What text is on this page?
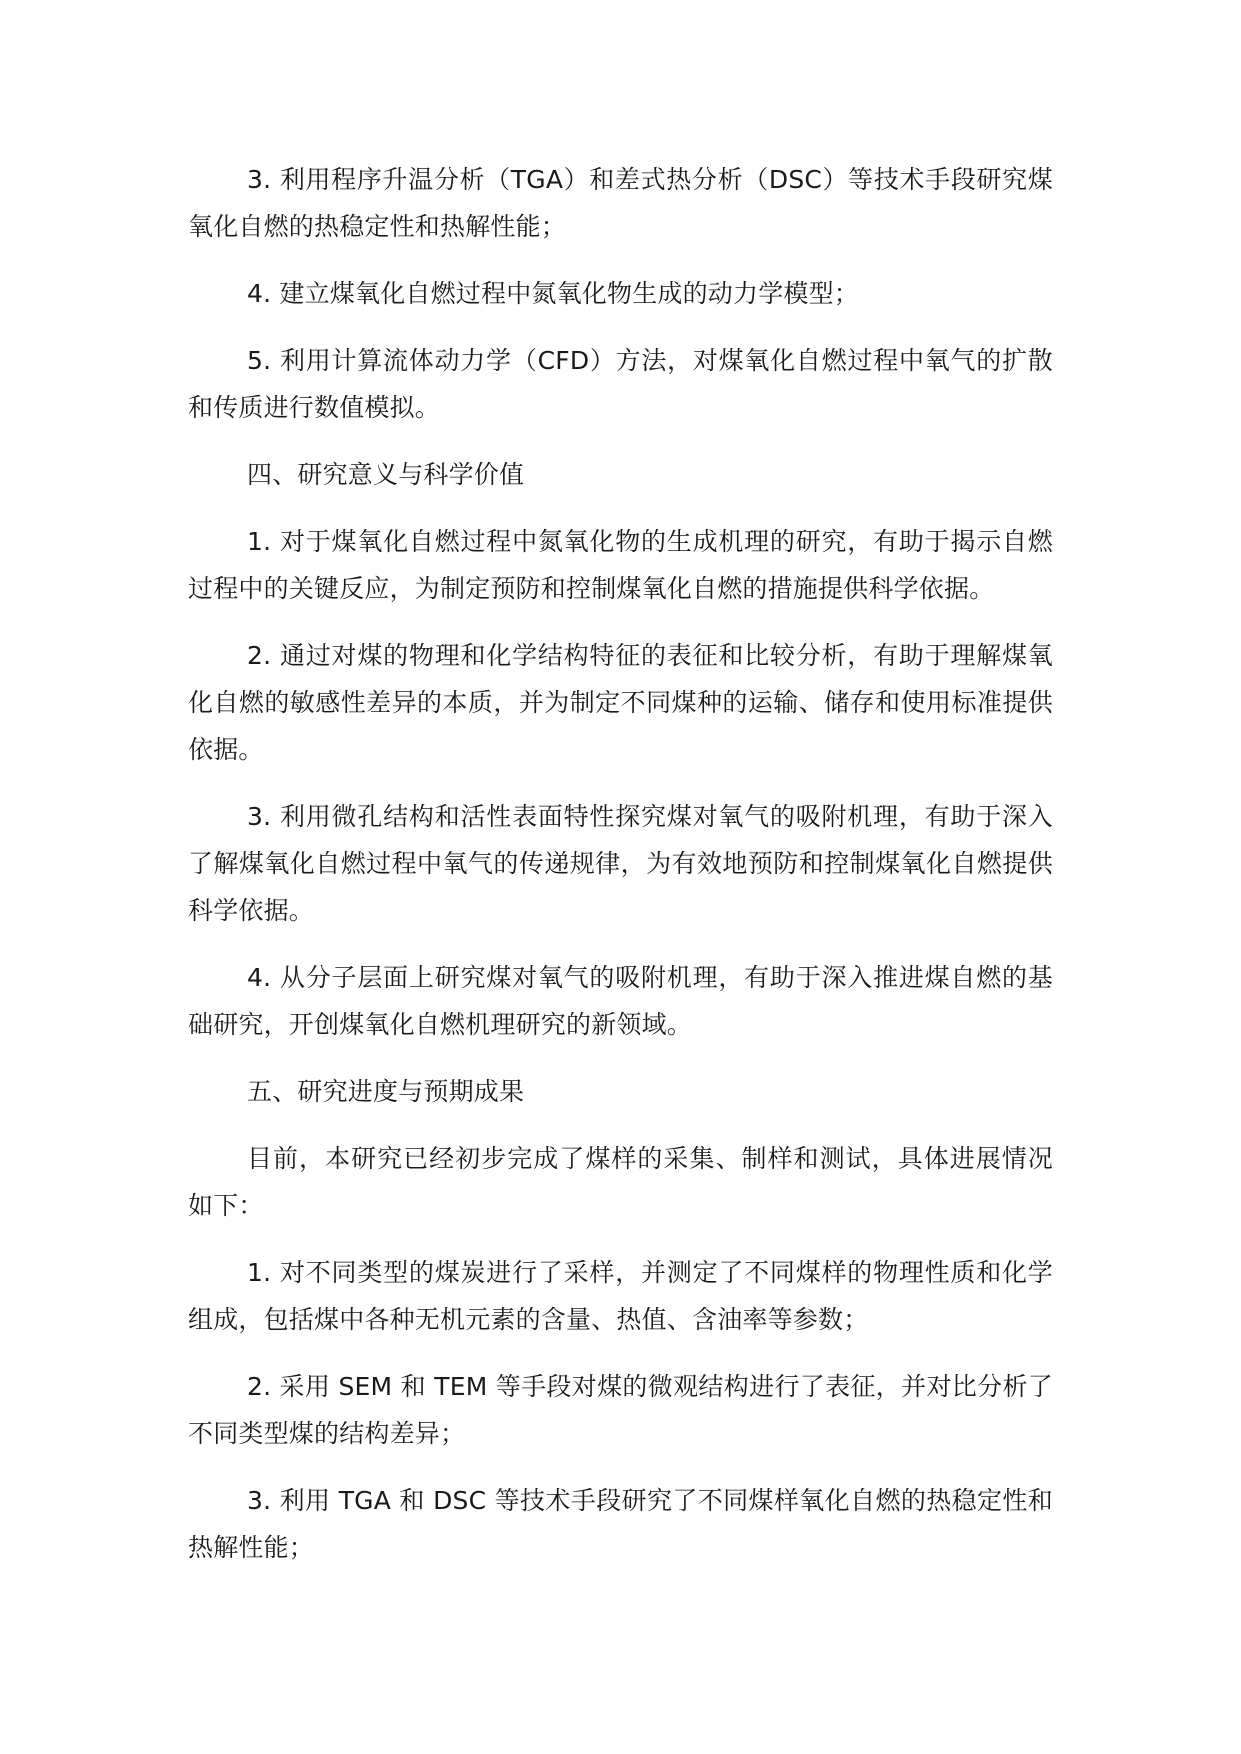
3. 利用程序升温分析（TGA）和差式热分析（DSC）等技术手段研究煤氧化自燃的热稳定性和热解性能；

4. 建立煤氧化自燃过程中氮氧化物生成的动力学模型；

5. 利用计算流体动力学（CFD）方法，对煤氧化自燃过程中氧气的扩散和传质进行数值模拟。

四、研究意义与科学价值

1. 对于煤氧化自燃过程中氮氧化物的生成机理的研究，有助于揭示自燃过程中的关键反应，为制定预防和控制煤氧化自燃的措施提供科学依据。

2. 通过对煤的物理和化学结构特征的表征和比较分析，有助于理解煤氧化自燃的敏感性差异的本质，并为制定不同煤种的运输、储存和使用标准提供依据。

3. 利用微孔结构和活性表面特性探究煤对氧气的吸附机理，有助于深入了解煤氧化自燃过程中氧气的传递规律，为有效地预防和控制煤氧化自燃提供科学依据。

4. 从分子层面上研究煤对氧气的吸附机理，有助于深入推进煤自燃的基础研究，开创煤氧化自燃机理研究的新领域。

五、研究进度与预期成果

目前，本研究已经初步完成了煤样的采集、制样和测试，具体进展情况如下：

1. 对不同类型的煤炭进行了采样，并测定了不同煤样的物理性质和化学组成，包括煤中各种无机元素的含量、热值、含油率等参数；

2. 采用 SEM 和 TEM 等手段对煤的微观结构进行了表征，并对比分析了不同类型煤的结构差异；

3. 利用 TGA 和 DSC 等技术手段研究了不同煤样氧化自燃的热稳定性和热解性能；
